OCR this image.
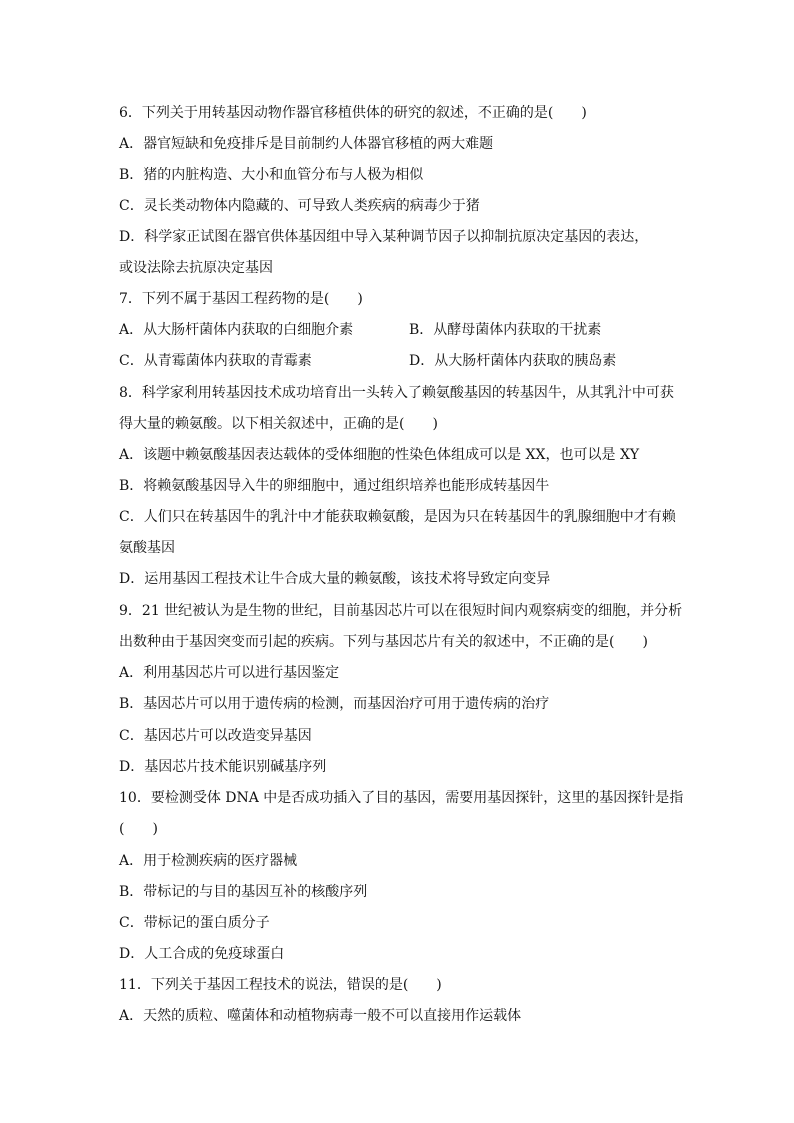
6．下列关于用转基因动物作器官移植供体的研究的叙述，不正确的是(　　)
A．器官短缺和免疫排斥是目前制约人体器官移植的两大难题
B．猪的内脏构造、大小和血管分布与人极为相似
C．灵长类动物体内隐藏的、可导致人类疾病的病毒少于猪
D．科学家正试图在器官供体基因组中导入某种调节因子以抑制抗原决定基因的表达，
或设法除去抗原决定基因
7．下列不属于基因工程药物的是(　　)
A．从大肠杆菌体内获取的白细胞介素	B．从酵母菌体内获取的干扰素
C．从青霉菌体内获取的青霉素	D．从大肠杆菌体内获取的胰岛素
8．科学家利用转基因技术成功培育出一头转入了赖氨酸基因的转基因牛，从其乳汁中可获
得大量的赖氨酸。以下相关叙述中，正确的是(　　)
A．该题中赖氨酸基因表达载体的受体细胞的性染色体组成可以是 XX，也可以是 XY
B．将赖氨酸基因导入牛的卵细胞中，通过组织培养也能形成转基因牛
C．人们只在转基因牛的乳汁中才能获取赖氨酸，是因为只在转基因牛的乳腺细胞中才有赖
氨酸基因
D．运用基因工程技术让牛合成大量的赖氨酸，该技术将导致定向变异
9．21 世纪被认为是生物的世纪，目前基因芯片可以在很短时间内观察病变的细胞，并分析
出数种由于基因突变而引起的疾病。下列与基因芯片有关的叙述中，不正确的是(　　)
A．利用基因芯片可以进行基因鉴定
B．基因芯片可以用于遗传病的检测，而基因治疗可用于遗传病的治疗
C．基因芯片可以改造变异基因
D．基因芯片技术能识别碱基序列
10．要检测受体 DNA 中是否成功插入了目的基因，需要用基因探针，这里的基因探针是指
(　　)
A．用于检测疾病的医疗器械
B．带标记的与目的基因互补的核酸序列
C．带标记的蛋白质分子
D．人工合成的免疫球蛋白
11．下列关于基因工程技术的说法，错误的是(　　)
A．天然的质粒、噬菌体和动植物病毒一般不可以直接用作运载体
